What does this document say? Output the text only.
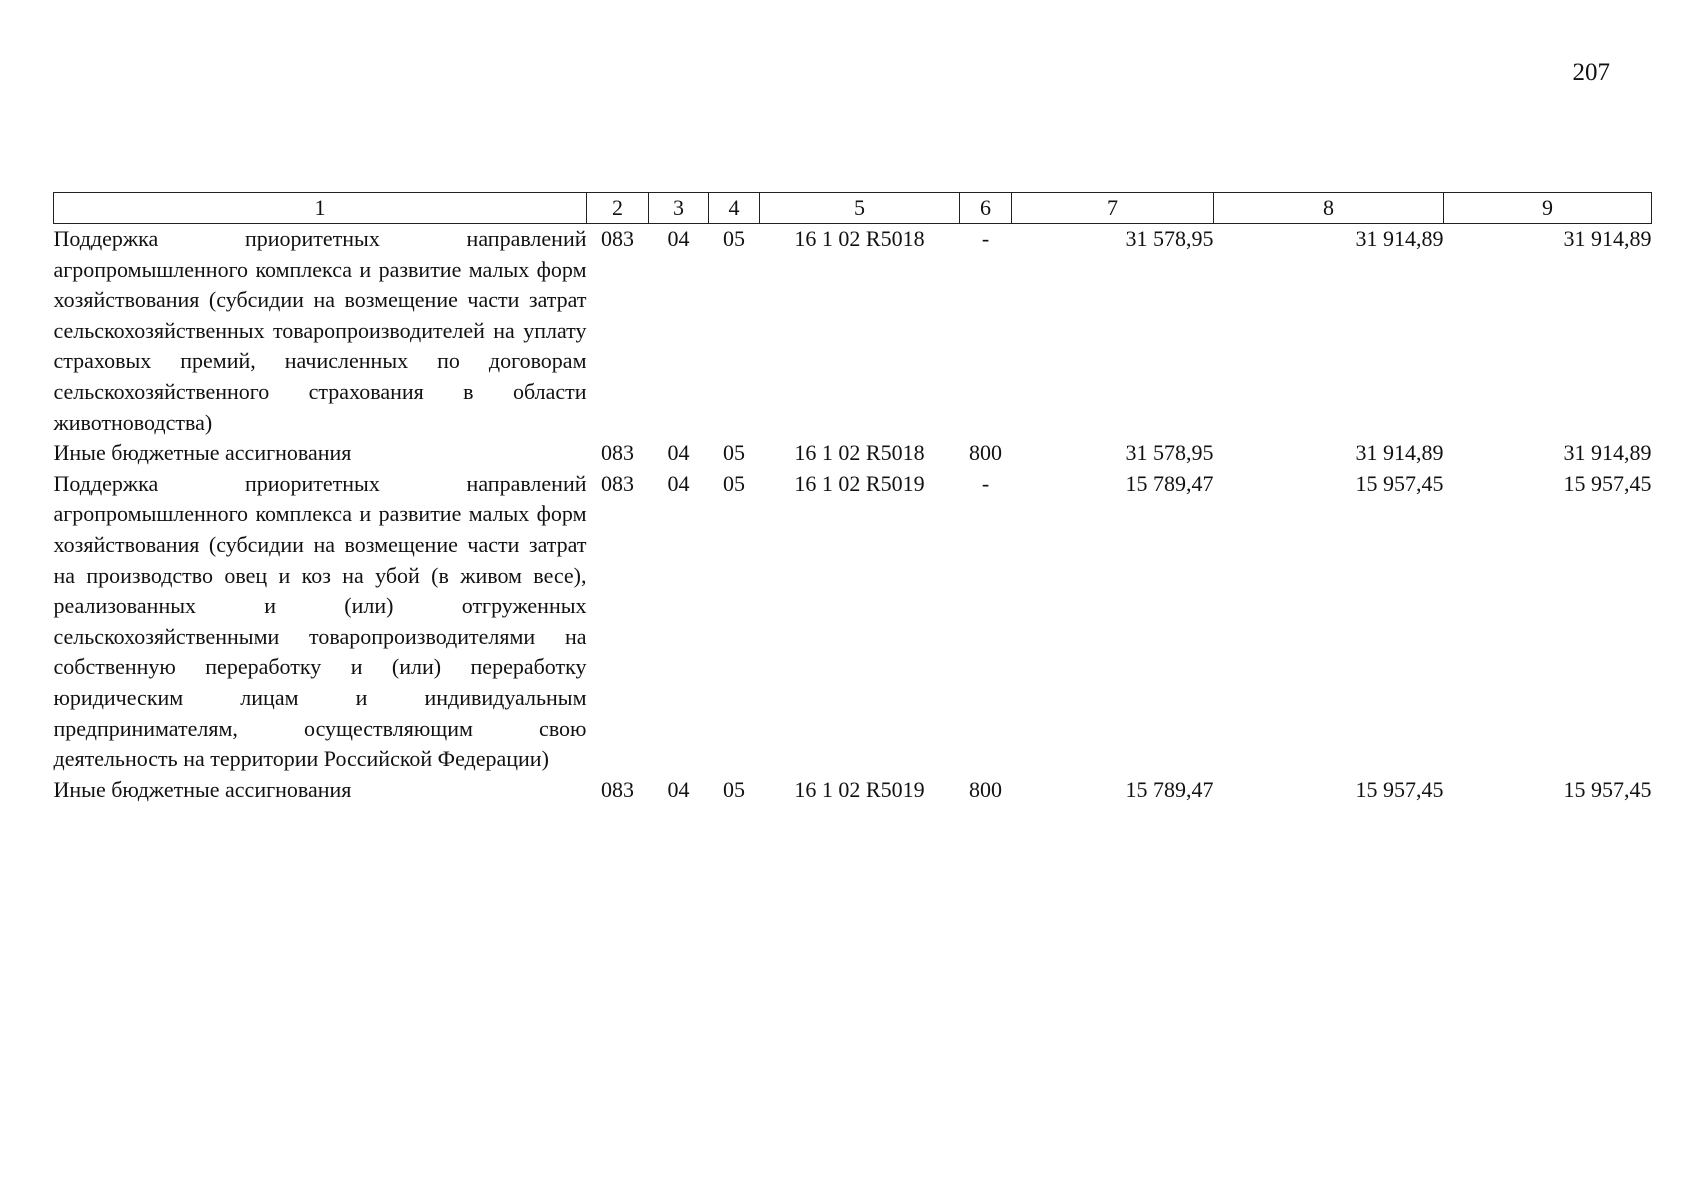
207
1	2	3	4	5	6	7	8	9
Поддержка приоритетных направлений агропромышленного комплекса и развитие малых форм хозяйствования (субсидии на возмещение части затрат сельскохозяйственных товаропроизводителей на уплату страховых премий, начисленных по договорам сельскохозяйственного страхования в области животноводства)	083	04	05	16 1 02 R5018	-	31 578,95	31 914,89	31 914,89
Иные бюджетные ассигнования	083	04	05	16 1 02 R5018	800	31 578,95	31 914,89	31 914,89
Поддержка приоритетных направлений агропромышленного комплекса и развитие малых форм хозяйствования (субсидии на возмещение части затрат на производство овец и коз на убой (в живом весе), реализованных и (или) отгруженных сельскохозяйственными товаропроизводителями на собственную переработку и (или) переработку юридическим лицам и индивидуальным предпринимателям, осуществляющим свою деятельность на территории Российской Федерации)	083	04	05	16 1 02 R5019	-	15 789,47	15 957,45	15 957,45
Иные бюджетные ассигнования	083	04	05	16 1 02 R5019	800	15 789,47	15 957,45	15 957,45
